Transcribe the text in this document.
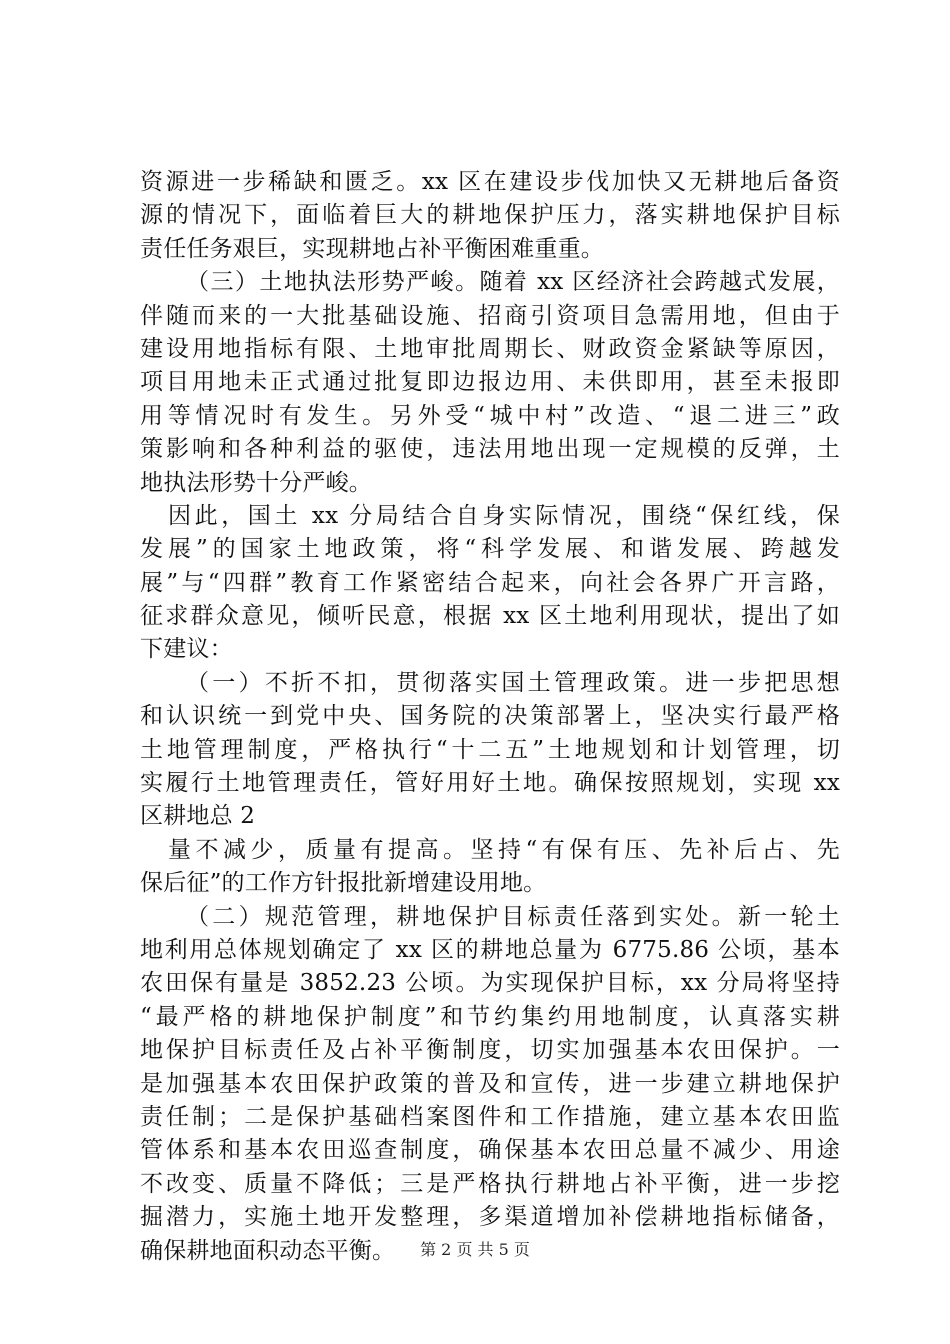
资源进一步稀缺和匮乏。xx 区在建设步伐加快又无耕地后备资
源的情况下，面临着巨大的耕地保护压力，落实耕地保护目标
责任任务艰巨，实现耕地占补平衡困难重重。
（三）土地执法形势严峻。随着 xx 区经济社会跨越式发展，
伴随而来的一大批基础设施、招商引资项目急需用地，但由于
建设用地指标有限、土地审批周期长、财政资金紧缺等原因，
项目用地未正式通过批复即边报边用、未供即用，甚至未报即
用等情况时有发生。另外受“城中村”改造、“退二进三”政
策影响和各种利益的驱使，违法用地出现一定规模的反弹，土
地执法形势十分严峻。
因此，国土 xx 分局结合自身实际情况，围绕“保红线，保
发展”的国家土地政策，将“科学发展、和谐发展、跨越发
展”与“四群”教育工作紧密结合起来，向社会各界广开言路，
征求群众意见，倾听民意，根据 xx 区土地利用现状，提出了如
下建议：
（一）不折不扣，贯彻落实国土管理政策。进一步把思想
和认识统一到党中央、国务院的决策部署上，坚决实行最严格
土地管理制度，严格执行“十二五”土地规划和计划管理，切
实履行土地管理责任，管好用好土地。确保按照规划，实现 xx
区耕地总 2
量不减少，质量有提高。坚持“有保有压、先补后占、先
保后征”的工作方针报批新增建设用地。
（二）规范管理，耕地保护目标责任落到实处。新一轮土
地利用总体规划确定了 xx 区的耕地总量为 6775.86 公顷，基本
农田保有量是 3852.23 公顷。为实现保护目标，xx 分局将坚持
“最严格的耕地保护制度”和节约集约用地制度，认真落实耕
地保护目标责任及占补平衡制度，切实加强基本农田保护。一
是加强基本农田保护政策的普及和宣传，进一步建立耕地保护
责任制；二是保护基础档案图件和工作措施，建立基本农田监
管体系和基本农田巡查制度，确保基本农田总量不减少、用途
不改变、质量不降低；三是严格执行耕地占补平衡，进一步挖
掘潜力，实施土地开发整理，多渠道增加补偿耕地指标储备，
确保耕地面积动态平衡。	第 2 页 共 5 页
